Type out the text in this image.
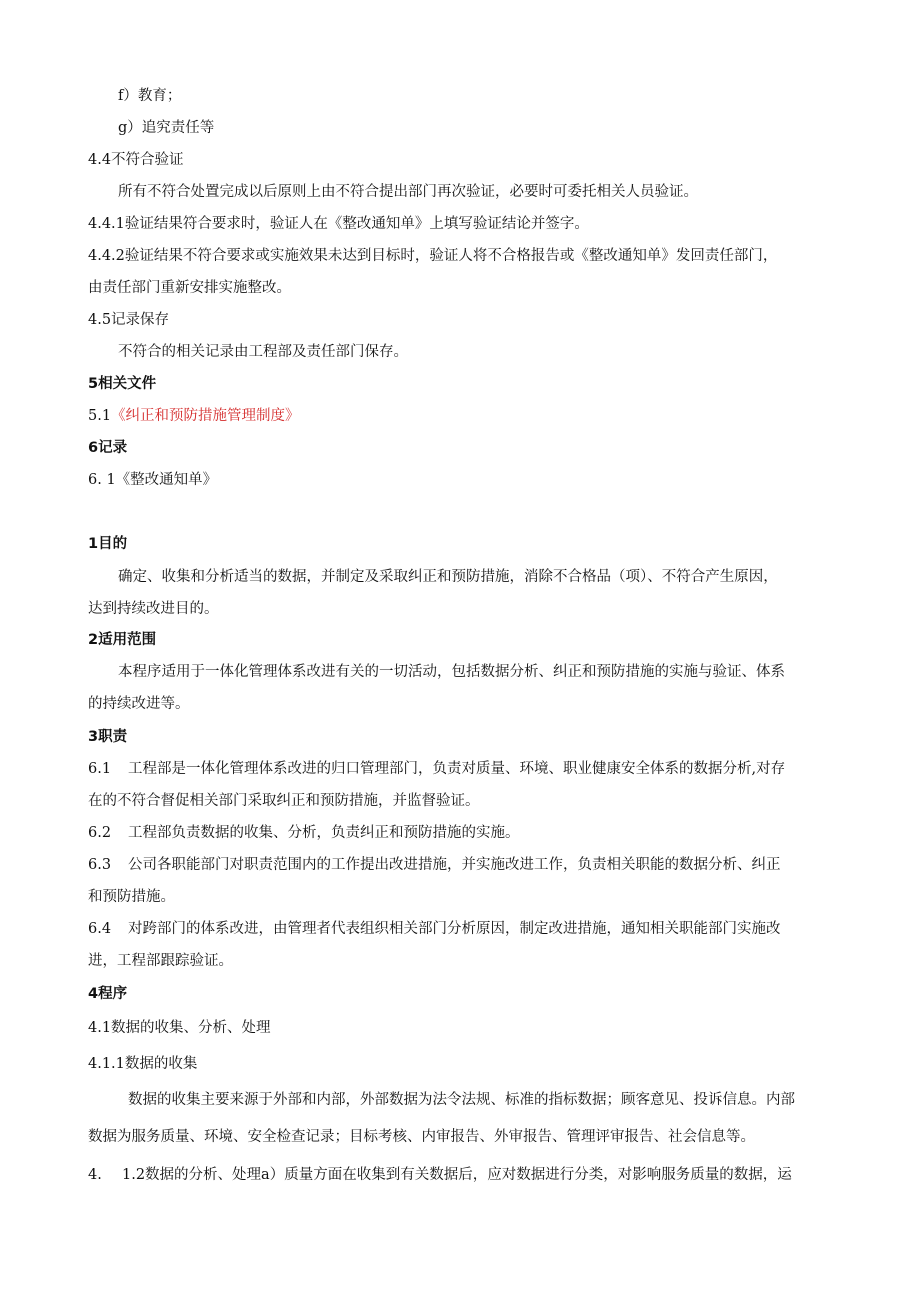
f）教育；
g）追究责任等
4.4不符合验证
所有不符合处置完成以后原则上由不符合提出部门再次验证，必要时可委托相关人员验证。
4.4.1验证结果符合要求时，验证人在《整改通知单》上填写验证结论并签字。
4.4.2验证结果不符合要求或实施效果未达到目标时，验证人将不合格报告或《整改通知单》发回责任部门，
由责任部门重新安排实施整改。
4.5记录保存
不符合的相关记录由工程部及责任部门保存。
5相关文件
5.1《纠正和预防措施管理制度》
6记录
6. 1《整改通知单》
1目的
确定、收集和分析适当的数据，并制定及采取纠正和预防措施，消除不合格品（项）、不符合产生原因，
达到持续改进目的。
2适用范围
本程序适用于一体化管理体系改进有关的一切活动，包括数据分析、纠正和预防措施的实施与验证、体系
的持续改进等。
3职责
6.1 工程部是一体化管理体系改进的归口管理部门，负责对质量、环境、职业健康安全体系的数据分析,对存
在的不符合督促相关部门采取纠正和预防措施，并监督验证。
6.2 工程部负责数据的收集、分析，负责纠正和预防措施的实施。
6.3 公司各职能部门对职责范围内的工作提出改进措施，并实施改进工作，负责相关职能的数据分析、纠正
和预防措施。
6.4 对跨部门的体系改进，由管理者代表组织相关部门分析原因，制定改进措施，通知相关职能部门实施改
进，工程部跟踪验证。
4程序
4.1数据的收集、分析、处理
4.1.1数据的收集
数据的收集主要来源于外部和内部，外部数据为法令法规、标准的指标数据；顾客意见、投诉信息。内部
数据为服务质量、环境、安全检查记录；目标考核、内审报告、外审报告、管理评审报告、社会信息等。
4. 1.2数据的分析、处理a）质量方面在收集到有关数据后，应对数据进行分类，对影响服务质量的数据，运
